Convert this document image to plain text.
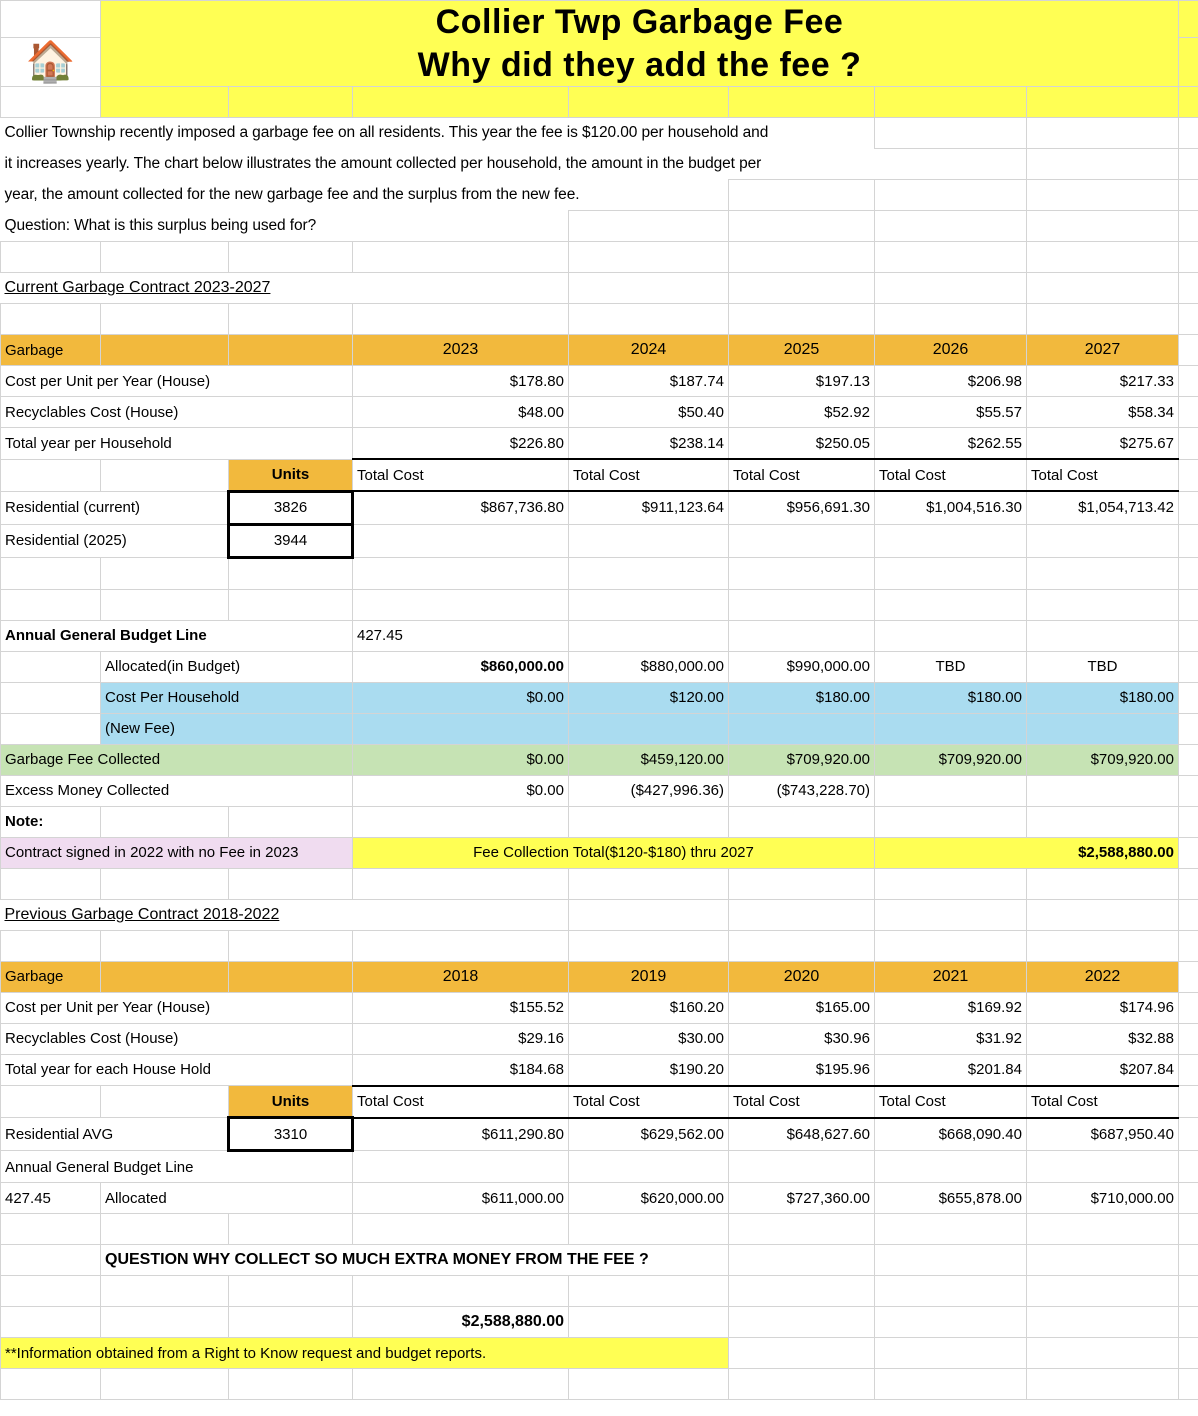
	Collier Twp Garbage Fee
Why did they add the fee ?							

🏠								

Collier Township recently imposed a garbage fee on all residents. This year the fee is $120.00 per household and								
it increases yearly. The chart below illustrates the amount collected per household, the amount in the budget per								
year, the amount collected for the new garbage fee and the surplus from the new fee.								
Question: What is this surplus being used for?								

Current Garbage Contract 2023-2027								

Garbage			2023	2024	2025	2026	2027	
Cost per Unit per Year (House)			$178.80	$187.74	$197.13	$206.98	$217.33	
Recyclables Cost (House)			$48.00	$50.40	$52.92	$55.57	$58.34	
Total year per Household			$226.80	$238.14	$250.05	$262.55	$275.67	
		Units	Total Cost	Total Cost	Total Cost	Total Cost	Total Cost	
Residential (current)		3826	$867,736.80	$911,123.64	$956,691.30	$1,004,516.30	$1,054,713.42	
Residential (2025)		3944						

Annual General Budget Line			427.45					
	Allocated(in Budget)		$860,000.00	$880,000.00	$990,000.00	TBD	TBD	
	Cost Per Household		$0.00	$120.00	$180.00	$180.00	$180.00	
	(New Fee)							
Garbage Fee Collected			$0.00	$459,120.00	$709,920.00	$709,920.00	$709,920.00	
Excess Money Collected			$0.00	($427,996.36)	($743,228.70)			
Note:								
Contract signed in 2022 with no Fee in 2023			Fee Collection Total($120-$180) thru 2027			$2,588,880.00		

Previous Garbage Contract 2018-2022								

Garbage			2018	2019	2020	2021	2022	
Cost per Unit per Year (House)			$155.52	$160.20	$165.00	$169.92	$174.96	
Recyclables Cost (House)			$29.16	$30.00	$30.96	$31.92	$32.88	
Total year for each House Hold			$184.68	$190.20	$195.96	$201.84	$207.84	
		Units	Total Cost	Total Cost	Total Cost	Total Cost	Total Cost	
Residential AVG		3310	$611,290.80	$629,562.00	$648,627.60	$668,090.40	$687,950.40	
Annual General Budget Line								
427.45	Allocated		$611,000.00	$620,000.00	$727,360.00	$655,878.00	$710,000.00	

	QUESTION WHY COLLECT SO MUCH EXTRA MONEY FROM THE FEE ?							

			$2,588,880.00					
**Information obtained from a Right to Know request and budget reports.								
